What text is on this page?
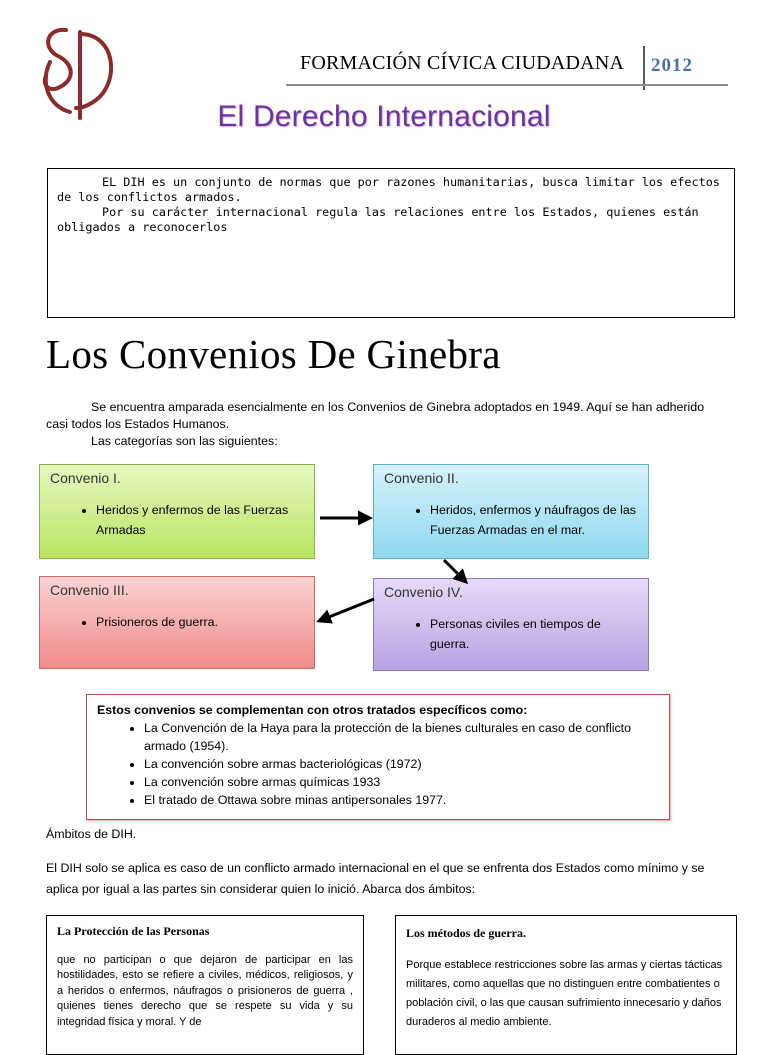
FORMACIÓN CÍVICA CIUDADANA 2012
El Derecho Internacional

EL DIH es un conjunto de normas que por razones humanitarias, busca limitar los efectos de los conflictos armados.

Por su carácter internacional regula las relaciones entre los Estados, quienes están obligados a reconocerlos

Los Convenios De Ginebra

Se encuentra amparada esencialmente en los Convenios de Ginebra adoptados en 1949. Aquí se han adherido casi todos los Estados Humanos.

Las categorías son las siguientes:

Convenio I.
• Heridos y enfermos de las Fuerzas Armadas
Convenio II.
• Heridos, enfermos y náufragos de las Fuerzas Armadas en el mar.
Convenio III.
• Prisioneros de guerra.
Convenio IV.
• Personas civiles en tiempos de guerra.
Estos convenios se complementan con otros tratados específicos como:
• La Convención de la Haya para la protección de la bienes culturales en caso de conflicto armado (1954).
• La convención sobre armas bacteriológicas (1972)
• La convención sobre armas químicas 1933
• El tratado de Ottawa sobre minas antipersonales 1977.
Ámbitos de DIH.
El DIH solo se aplica es caso de un conflicto armado internacional en el que se enfrenta dos Estados como mínimo y se aplica por igual a las partes sin considerar quien lo inició. Abarca dos ámbitos:
La Protección de las Personas
que no participan o que dejaron de participar en las hostilidades, esto se refiere a civiles, médicos, religiosos, y a heridos o enfermos, náufragos o prisioneros de guerra , quienes tienes derecho que se respete su vida y su integridad física y moral. Y de
Los métodos de guerra.
Porque establece restricciones sobre las armas y ciertas tácticas militares, como aquellas que no distinguen entre combatientes o población civil, o las que causan sufrimiento innecesario y daños duraderos al medio ambiente.
